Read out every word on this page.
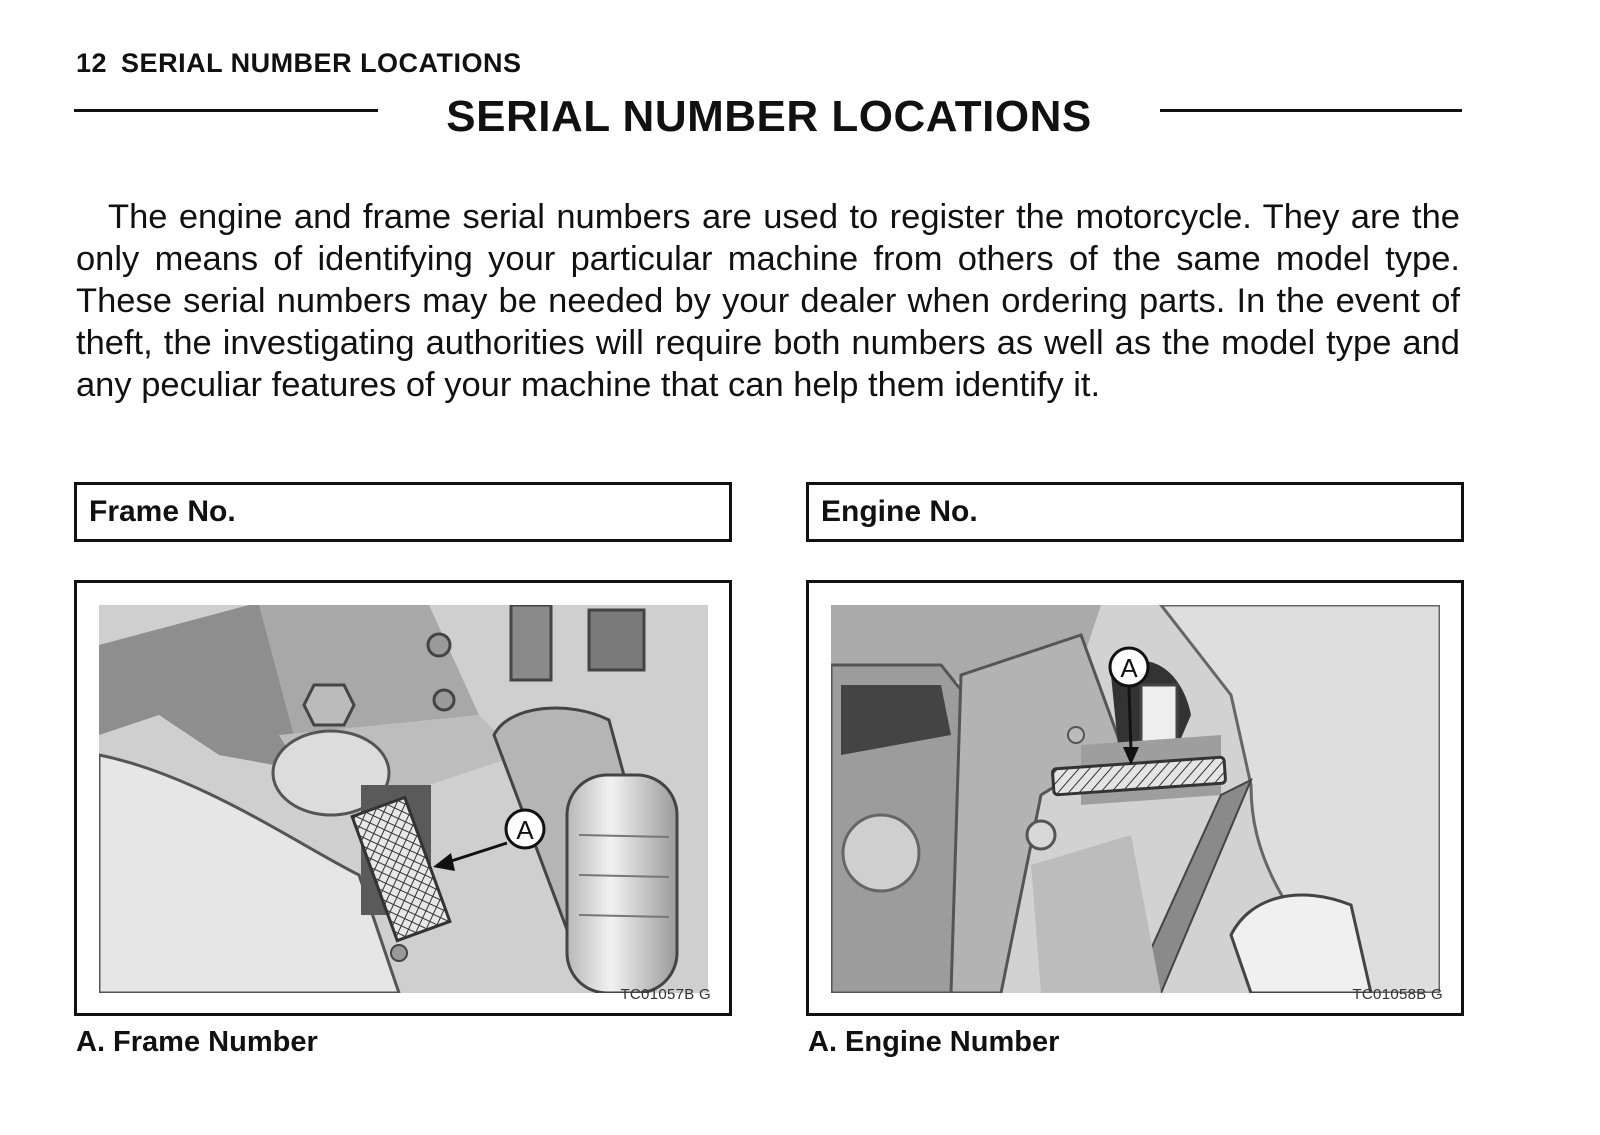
12 SERIAL NUMBER LOCATIONS
SERIAL NUMBER LOCATIONS

The engine and frame serial numbers are used to register the motorcycle. They are the only means of identifying your particular machine from others of the same model type. These serial numbers may be needed by your dealer when ordering parts. In the event of theft, the investigating authorities will require both numbers as well as the model type and any peculiar features of your machine that can help them identify it.

Frame No.	Engine No.
A
TC01057B G
A
TC01058B G
A. Frame Number	A. Engine Number
